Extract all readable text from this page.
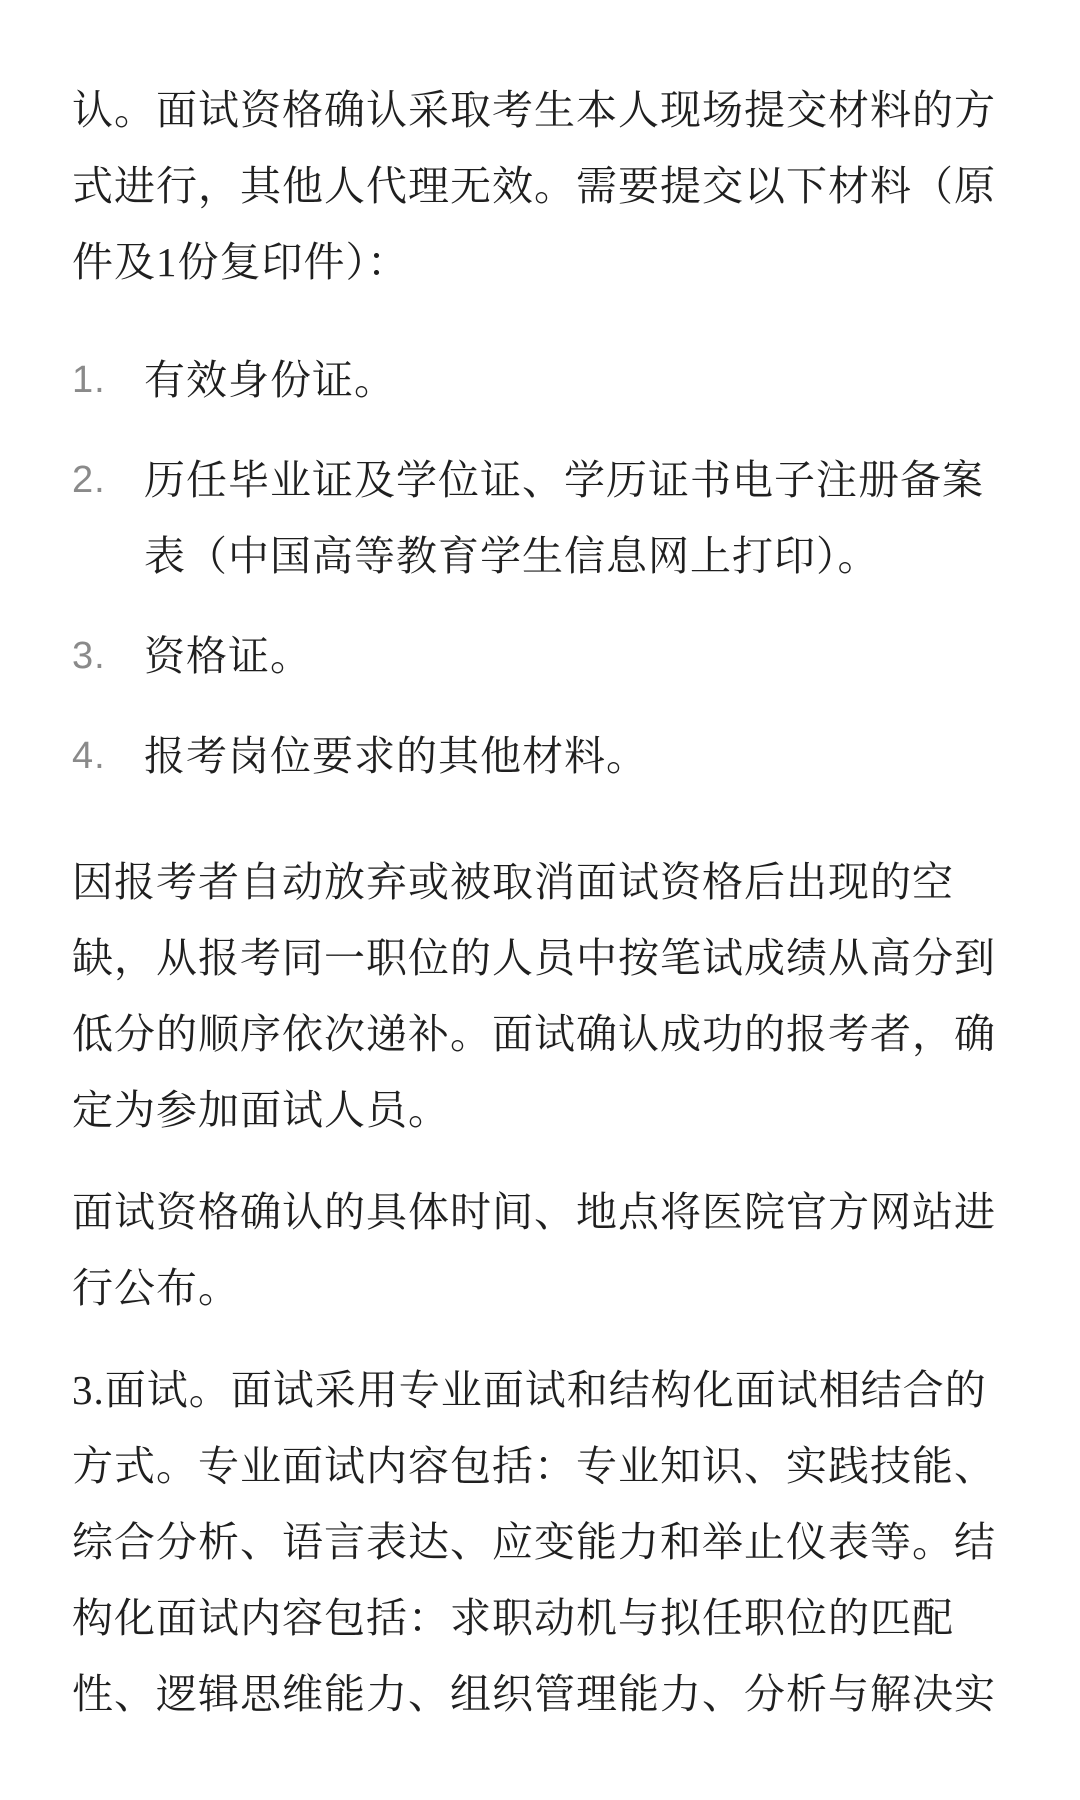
认。面试资格确认采取考生本人现场提交材料的方式进行，其他人代理无效。需要提交以下材料（原件及1份复印件）：

1. 有效身份证。
2. 历任毕业证及学位证、学历证书电子注册备案表（中国高等教育学生信息网上打印）。
3. 资格证。
4. 报考岗位要求的其他材料。

因报考者自动放弃或被取消面试资格后出现的空缺，从报考同一职位的人员中按笔试成绩从高分到低分的顺序依次递补。面试确认成功的报考者，确定为参加面试人员。

面试资格确认的具体时间、地点将医院官方网站进行公布。

3.面试。面试采用专业面试和结构化面试相结合的方式。专业面试内容包括：专业知识、实践技能、综合分析、语言表达、应变能力和举止仪表等。结构化面试内容包括：求职动机与拟任职位的匹配性、逻辑思维能力、组织管理能力、分析与解决实
